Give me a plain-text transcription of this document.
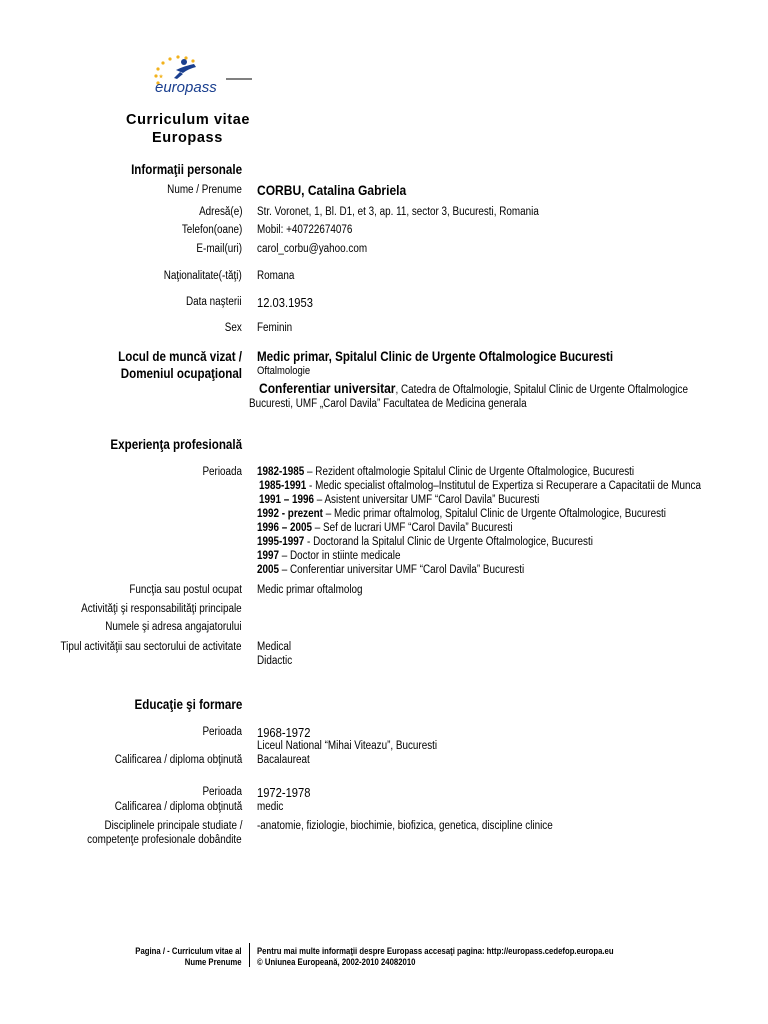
europass
Curriculum vitae
Europass
Informaţii personale
Nume / Prenume CORBU, Catalina Gabriela
Adresă(e) Str. Voronet, 1, Bl. D1, et 3, ap. 11, sector 3, Bucuresti, Romania
Telefon(oane) Mobil: +40722674076
E-mail(uri) carol_corbu@yahoo.com
Naţionalitate(-tăţi) Romana
Data naşterii 12.03.1953
Sex Feminin
Locul de muncă vizat /
Domeniul ocupaţional
Medic primar, Spitalul Clinic de Urgente Oftalmologice Bucuresti
Oftalmologie
Conferentiar universitar, Catedra de Oftalmologie, Spitalul Clinic de Urgente Oftalmologice
Bucuresti, UMF „Carol Davila” Facultatea de Medicina generala
Experienţa profesională
Perioada 1982-1985 – Rezident oftalmologie Spitalul Clinic de Urgente Oftalmologice, Bucuresti
1985-1991 - Medic specialist oftalmolog–Institutul de Expertiza si Recuperare a Capacitatii de Munca
1991 – 1996 – Asistent universitar UMF “Carol Davila” Bucuresti
1992 - prezent – Medic primar oftalmolog, Spitalul Clinic de Urgente Oftalmologice, Bucuresti
1996 – 2005 – Sef de lucrari UMF “Carol Davila” Bucuresti
1995-1997 - Doctorand la Spitalul Clinic de Urgente Oftalmologice, Bucuresti
1997 – Doctor in stiinte medicale
2005 – Conferentiar universitar UMF “Carol Davila” Bucuresti
Funcţia sau postul ocupat Medic primar oftalmolog
Activităţi şi responsabilităţi principale
Numele şi adresa angajatorului
Tipul activităţii sau sectorului de activitate Medical
Didactic
Educaţie şi formare
Perioada 1968-1972
Liceul National “Mihai Viteazu”, Bucuresti
Calificarea / diploma obţinută Bacalaureat
Perioada 1972-1978
Calificarea / diploma obţinută medic
Disciplinele principale studiate /
competenţe profesionale dobândite
-anatomie, fiziologie, biochimie, biofizica, genetica, discipline clinice
Pagina / - Curriculum vitae al
Nume Prenume
Pentru mai multe informaţii despre Europass accesaţi pagina: http://europass.cedefop.europa.eu
© Uniunea Europeană, 2002-2010 24082010
